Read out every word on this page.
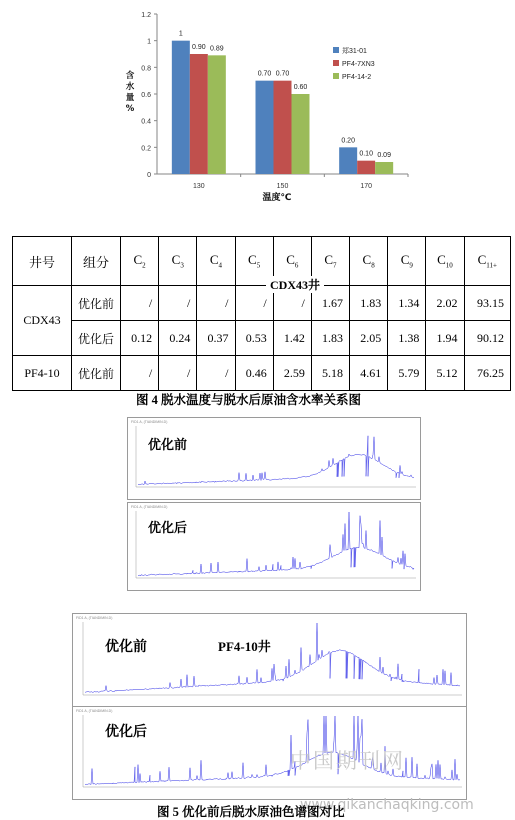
0
0.2
0.4
0.6
0.8
1
1.2
1
0.90 0.89
130
0.70 0.70
0.60
150
0.20
0.10 0.09
170
温度℃
含
水
量
%
郑31-01
PF4-7XN3
PF4-14-2
井号	组分	$C_2$	$C_3$	$C_4$	$C_5$	$C_6$	$C_7$	$C_8$	$C_9$	$C_{10}$	$C_{11+}$
CDX43	优化前	/	/	/	/	/	1.67	1.83	1.34	2.02	93.15
	优化后	0.12	0.24	0.37	0.53	1.42	1.83	2.05	1.38	1.94	90.12
PF4-10	优化前	/	/	/	0.46	2.59	5.18	4.61	5.79	5.12	76.25
CDX43井
图 4 脱水温度与脱水后原油含水率关系图
优化前
FID1 A, (TIANDIMIN.D)
优化后
FID1 A, (TIANDIMIN.D)
优化前	PF4-10井
FID1 A, (TIANDIMIN.D)
优化后
FID1 A, (TIANDIMIN.D)
中国期刊网
www.qikanchaqking.com
图 5 优化前后脱水原油色谱图对比
